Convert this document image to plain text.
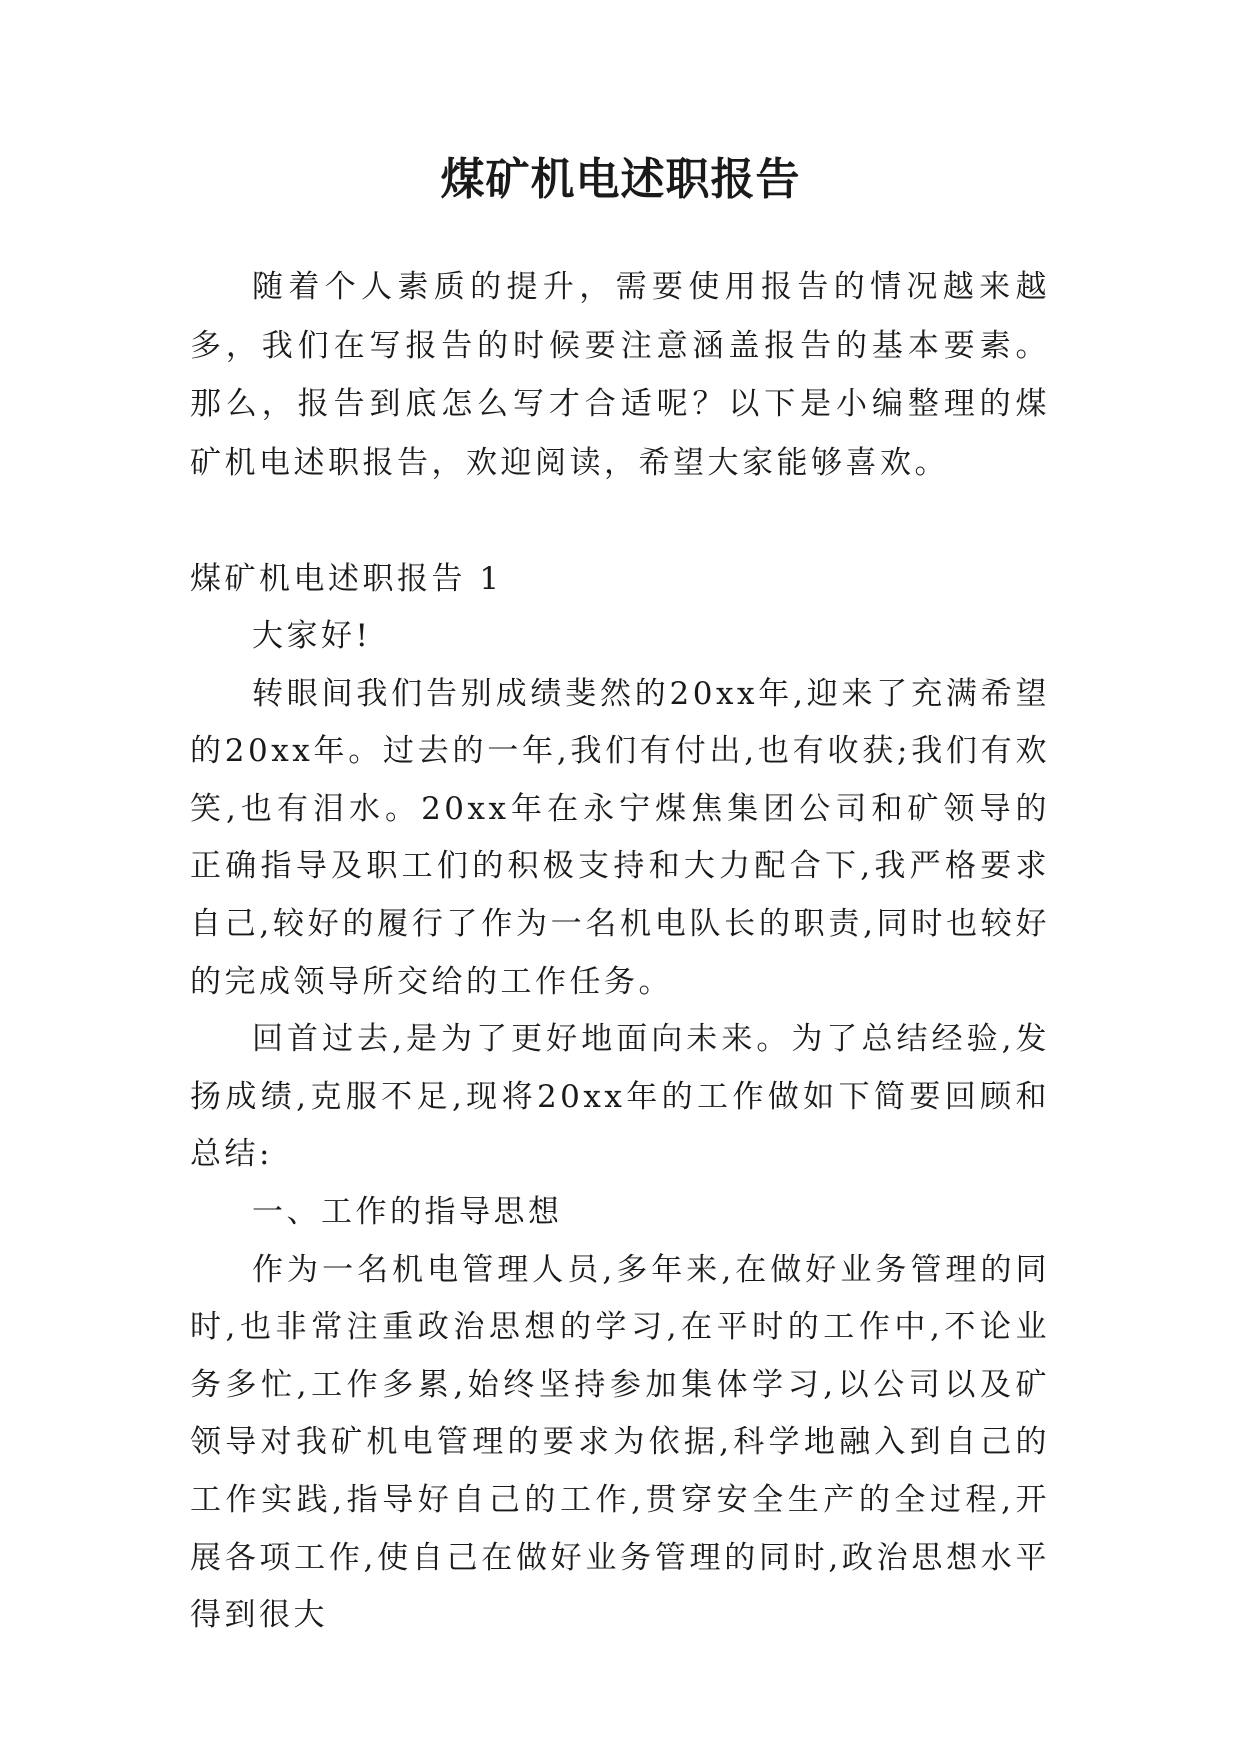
煤矿机电述职报告

随着个人素质的提升，需要使用报告的情况越来越多，我们在写报告的时候要注意涵盖报告的基本要素。那么，报告到底怎么写才合适呢？以下是小编整理的煤矿机电述职报告，欢迎阅读，希望大家能够喜欢。

煤矿机电述职报告 1

大家好!

转眼间我们告别成绩斐然的20xx年,迎来了充满希望的20xx年。过去的一年,我们有付出,也有收获;我们有欢笑,也有泪水。20xx年在永宁煤焦集团公司和矿领导的正确指导及职工们的积极支持和大力配合下,我严格要求自己,较好的履行了作为一名机电队长的职责,同时也较好的完成领导所交给的工作任务。

回首过去,是为了更好地面向未来。为了总结经验,发扬成绩,克服不足,现将20xx年的工作做如下简要回顾和总结:

一、工作的指导思想

作为一名机电管理人员,多年来,在做好业务管理的同时,也非常注重政治思想的学习,在平时的工作中,不论业务多忙,工作多累,始终坚持参加集体学习,以公司以及矿领导对我矿机电管理的要求为依据,科学地融入到自己的工作实践,指导好自己的工作,贯穿安全生产的全过程,开展各项工作,使自己在做好业务管理的同时,政治思想水平得到很大
